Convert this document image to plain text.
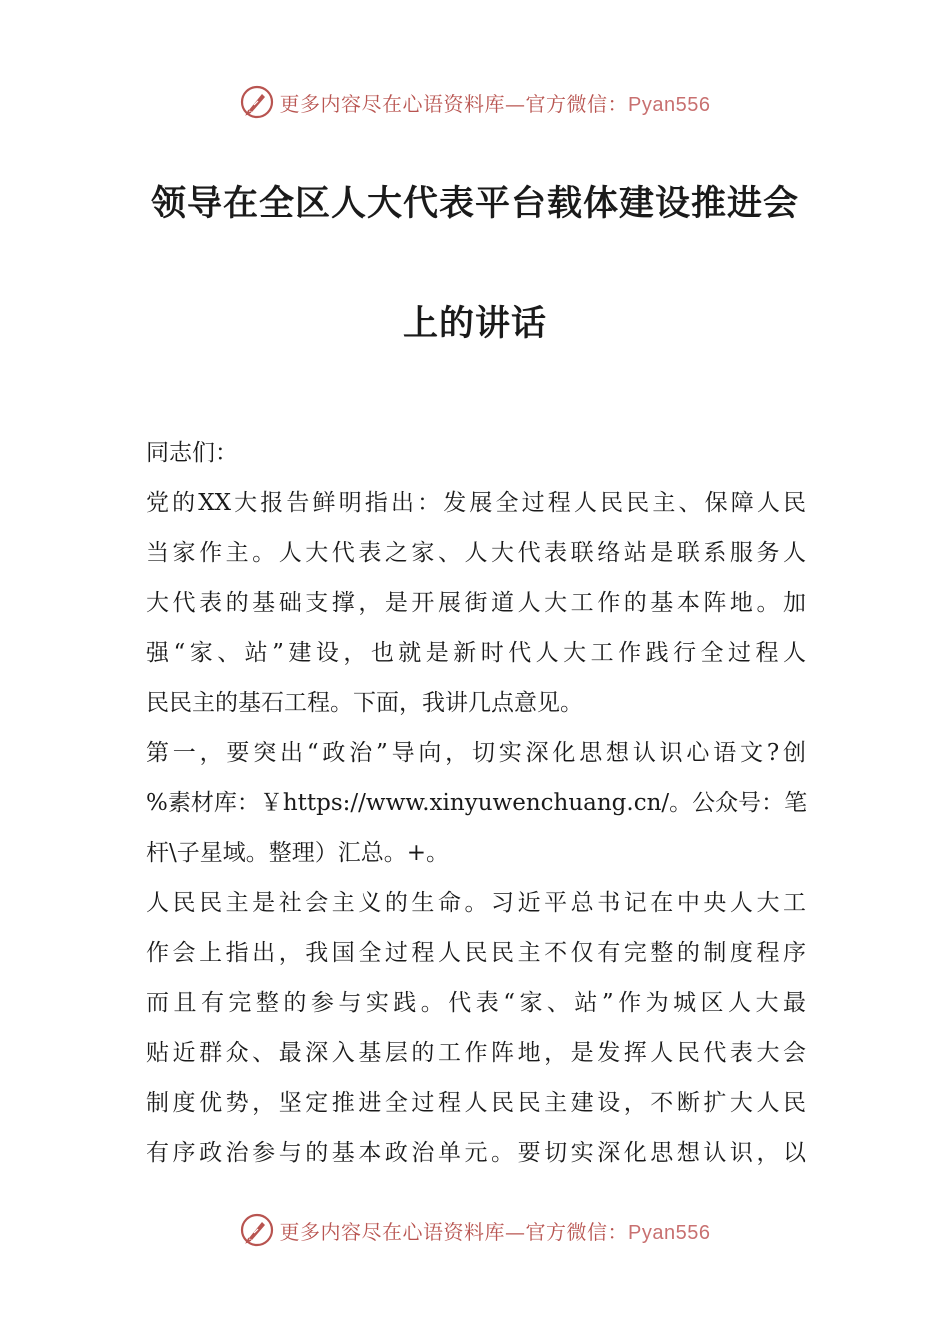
更多内容尽在心语资料库—官方微信：Pyan556
领导在全区人大代表平台载体建设推进会
上的讲话
同志们：
党的XX大报告鲜明指出：发展全过程人民民主、保障人民
当家作主。人大代表之家、人大代表联络站是联系服务人
大代表的基础支撑，是开展街道人大工作的基本阵地。加
强“家、站”建设，也就是新时代人大工作践行全过程人
民民主的基石工程。下面，我讲几点意见。
第一，要突出“政治”导向，切实深化思想认识心语文?创
%素材库：￥https://www.xinyuwenchuang.cn/。公众号：笔
杆\子星域。整理）汇总。+。
人民民主是社会主义的生命。习近平总书记在中央人大工
作会上指出，我国全过程人民民主不仅有完整的制度程序
而且有完整的参与实践。代表“家、站”作为城区人大最
贴近群众、最深入基层的工作阵地，是发挥人民代表大会
制度优势，坚定推进全过程人民民主建设，不断扩大人民
有序政治参与的基本政治单元。要切实深化思想认识，以
更多内容尽在心语资料库—官方微信：Pyan556
